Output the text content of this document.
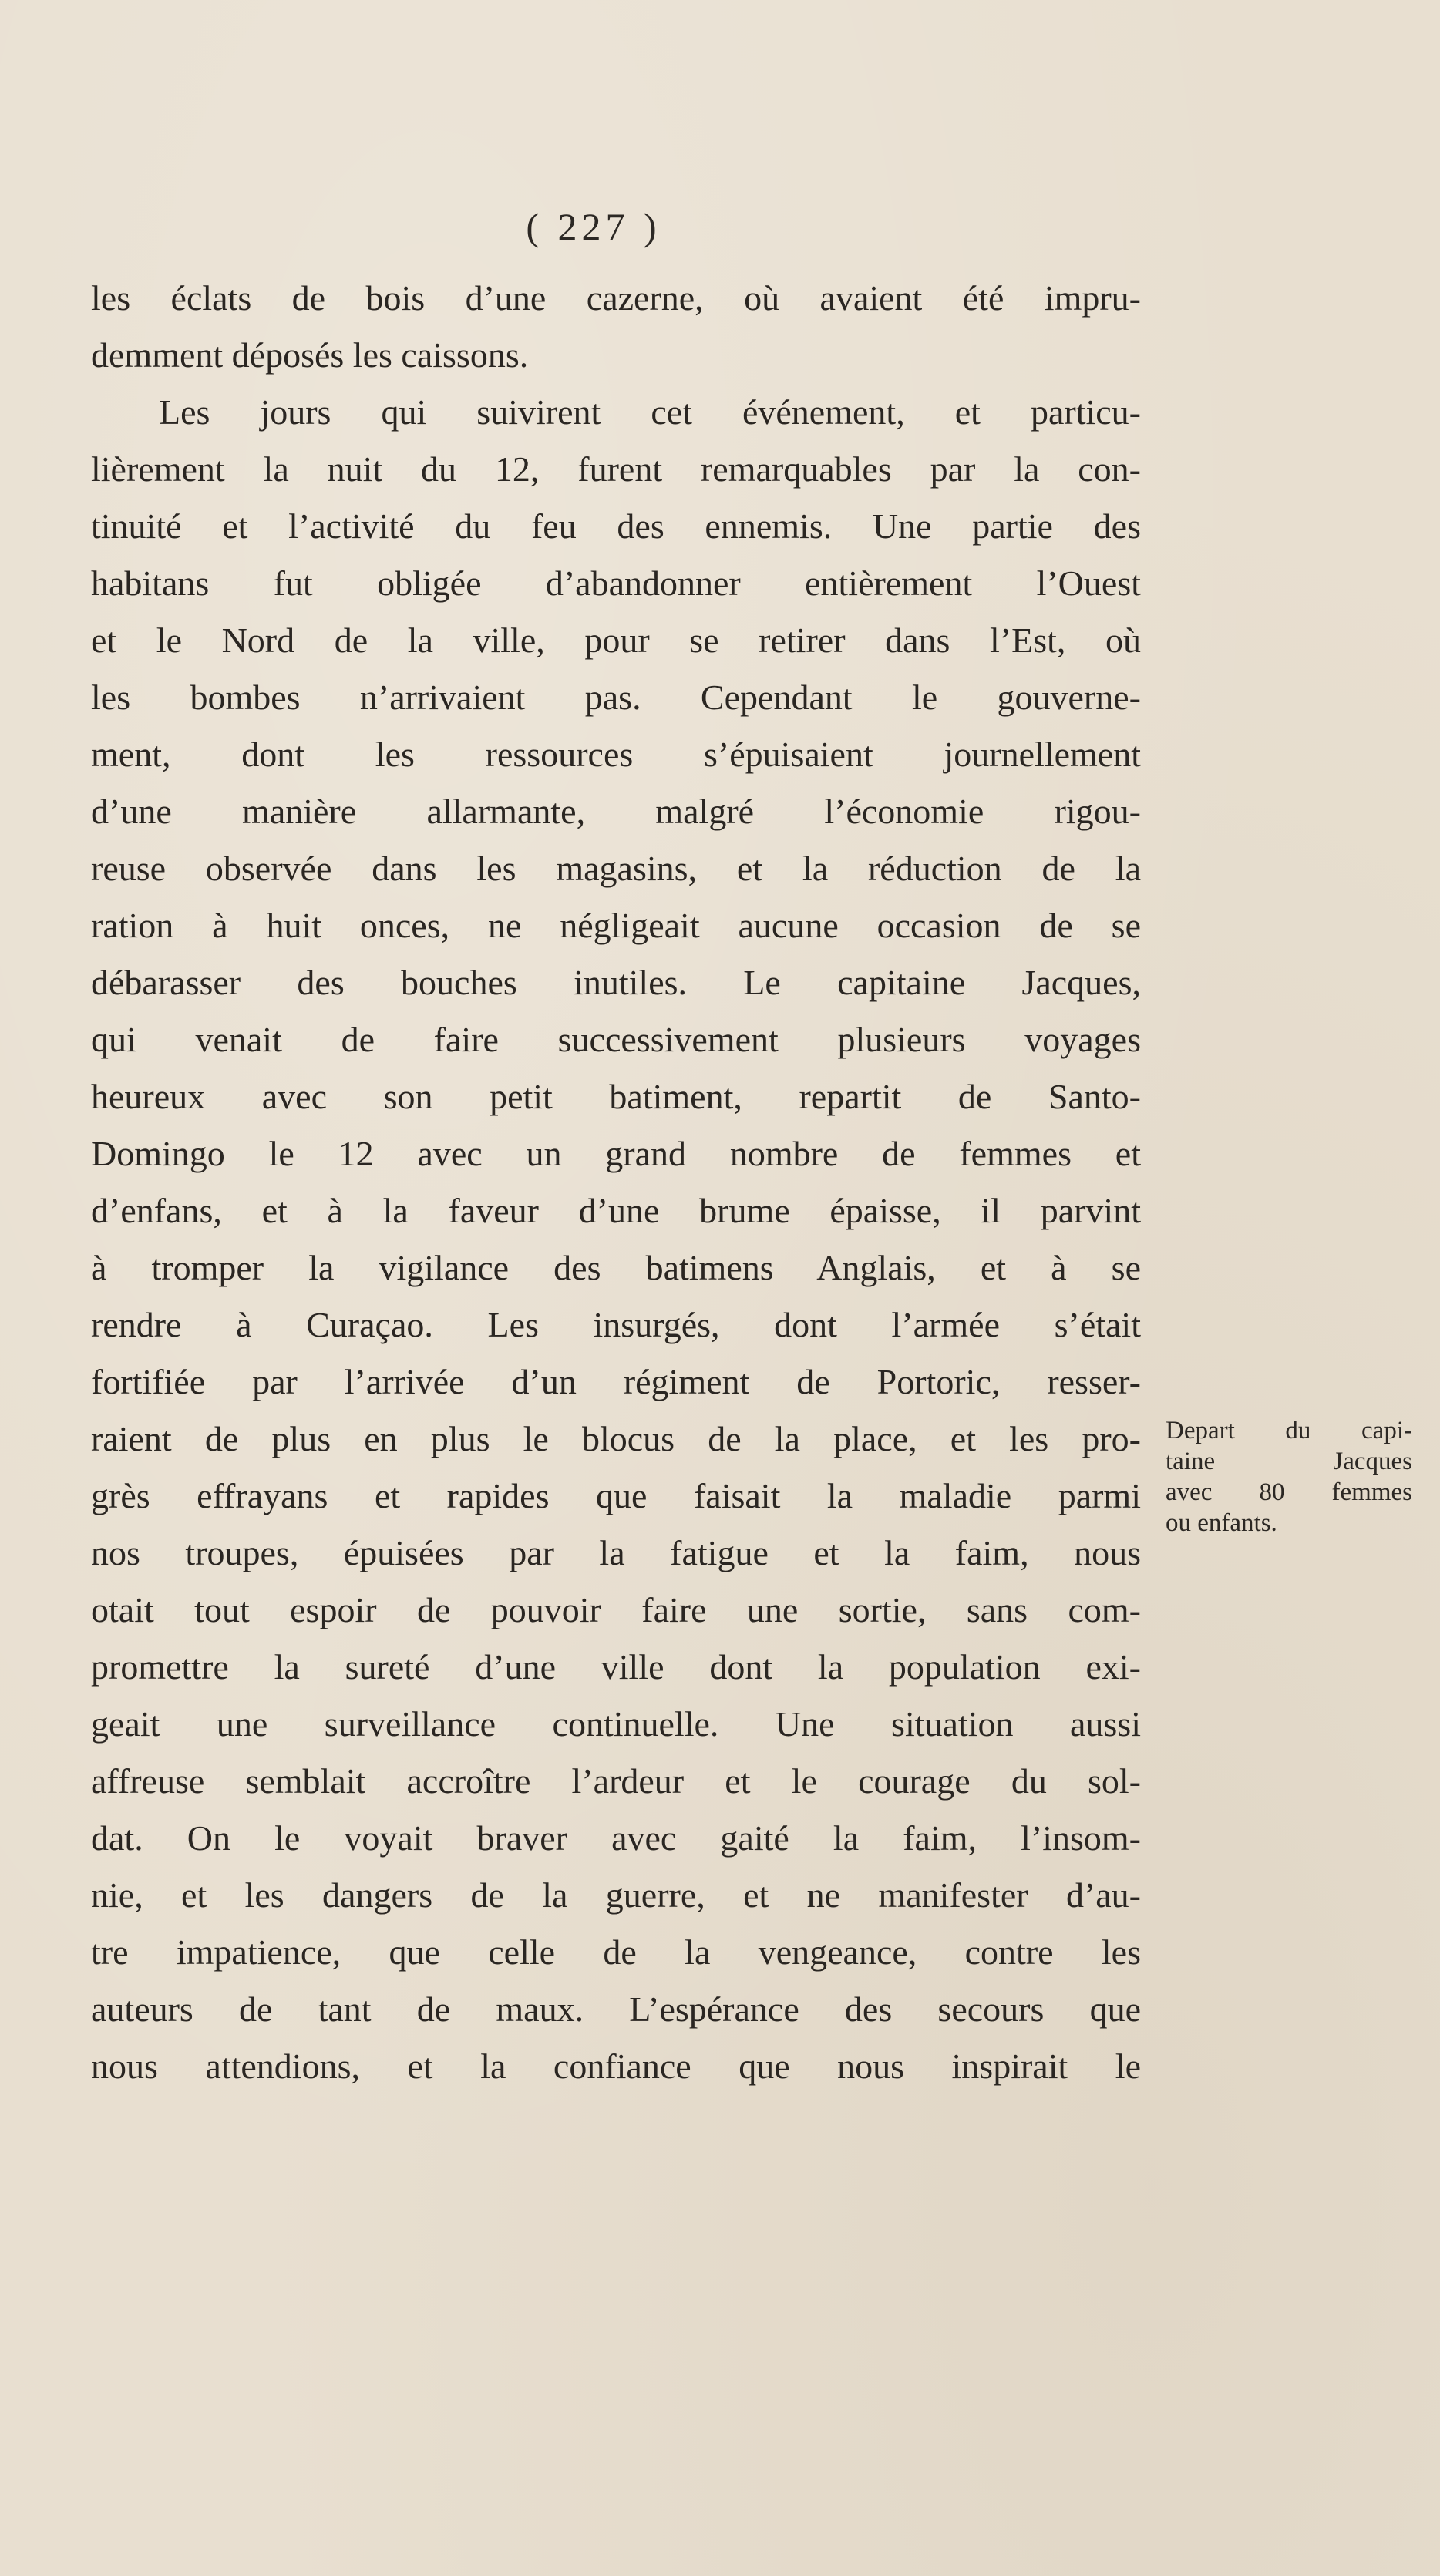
( 227 )
les éclats de bois d’une cazerne, où avaient été impru-
demment déposés les caissons.
Les jours qui suivirent cet événement, et particu-
lièrement la nuit du 12, furent remarquables par la con-
tinuité et l’activité du feu des ennemis. Une partie des
habitans fut obligée d’abandonner entièrement l’Ouest
et le Nord de la ville, pour se retirer dans l’Est, où
les bombes n’arrivaient pas. Cependant le gouverne-
ment, dont les ressources s’épuisaient journellement
d’une manière allarmante, malgré l’économie rigou-
reuse observée dans les magasins, et la réduction de la
ration à huit onces, ne négligeait aucune occasion de se
débarasser des bouches inutiles. Le capitaine Jacques,
qui venait de faire successivement plusieurs voyages
heureux avec son petit batiment, repartit de Santo-
Domingo le 12 avec un grand nombre de femmes et
d’enfans, et à la faveur d’une brume épaisse, il parvint
à tromper la vigilance des batimens Anglais, et à se
rendre à Curaçao. Les insurgés, dont l’armée s’était
fortifiée par l’arrivée d’un régiment de Portoric, resser-
raient de plus en plus le blocus de la place, et les pro-
grès effrayans et rapides que faisait la maladie parmi
nos troupes, épuisées par la fatigue et la faim, nous
otait tout espoir de pouvoir faire une sortie, sans com-
promettre la sureté d’une ville dont la population exi-
geait une surveillance continuelle. Une situation aussi
affreuse semblait accroître l’ardeur et le courage du sol-
dat. On le voyait braver avec gaité la faim, l’insom-
nie, et les dangers de la guerre, et ne manifester d’au-
tre impatience, que celle de la vengeance, contre les
auteurs de tant de maux. L’espérance des secours que
nous attendions, et la confiance que nous inspirait le
Depart du capi-
taine Jacques
avec 80 femmes
ou enfants.
